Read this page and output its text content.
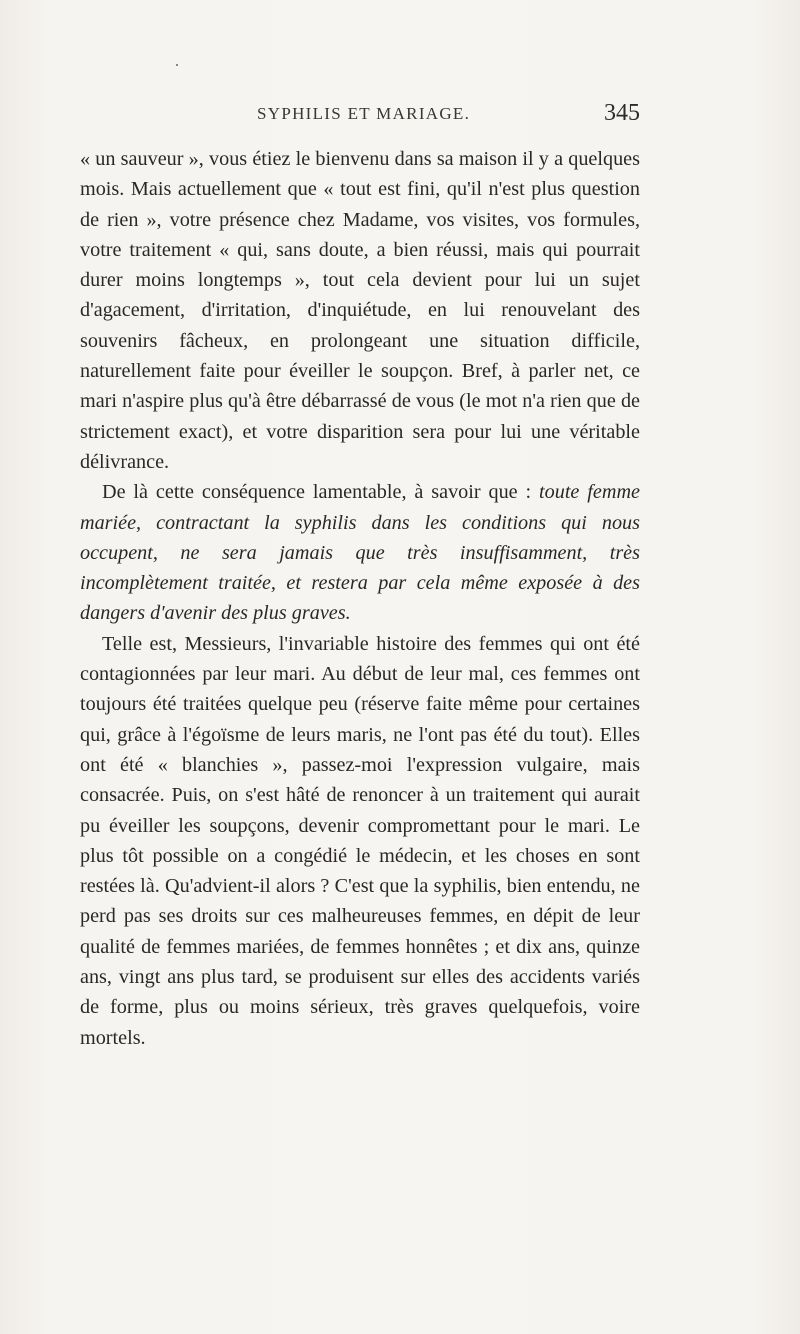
SYPHILIS ET MARIAGE.	345

« un sauveur », vous étiez le bienvenu dans sa maison il y a quelques mois. Mais actuellement que « tout est fini, qu'il n'est plus question de rien », votre présence chez Madame, vos visites, vos formules, votre traitement « qui, sans doute, a bien réussi, mais qui pourrait durer moins longtemps », tout cela devient pour lui un sujet d'agacement, d'irritation, d'inquiétude, en lui renouvelant des souvenirs fâcheux, en prolongeant une situation difficile, naturellement faite pour éveiller le soupçon. Bref, à parler net, ce mari n'aspire plus qu'à être débarrassé de vous (le mot n'a rien que de strictement exact), et votre disparition sera pour lui une véritable délivrance.

De là cette conséquence lamentable, à savoir que : toute femme mariée, contractant la syphilis dans les conditions qui nous occupent, ne sera jamais que très insuffisamment, très incomplètement traitée, et restera par cela même exposée à des dangers d'avenir des plus graves.

Telle est, Messieurs, l'invariable histoire des femmes qui ont été contagionnées par leur mari. Au début de leur mal, ces femmes ont toujours été traitées quelque peu (réserve faite même pour certaines qui, grâce à l'égoïsme de leurs maris, ne l'ont pas été du tout). Elles ont été « blanchies », passez-moi l'expression vulgaire, mais consacrée. Puis, on s'est hâté de renoncer à un traitement qui aurait pu éveiller les soupçons, devenir compromettant pour le mari. Le plus tôt possible on a congédié le médecin, et les choses en sont restées là. Qu'advient-il alors ? C'est que la syphilis, bien entendu, ne perd pas ses droits sur ces malheureuses femmes, en dépit de leur qualité de femmes mariées, de femmes honnêtes ; et dix ans, quinze ans, vingt ans plus tard, se produisent sur elles des accidents variés de forme, plus ou moins sérieux, très graves quelquefois, voire mortels.
